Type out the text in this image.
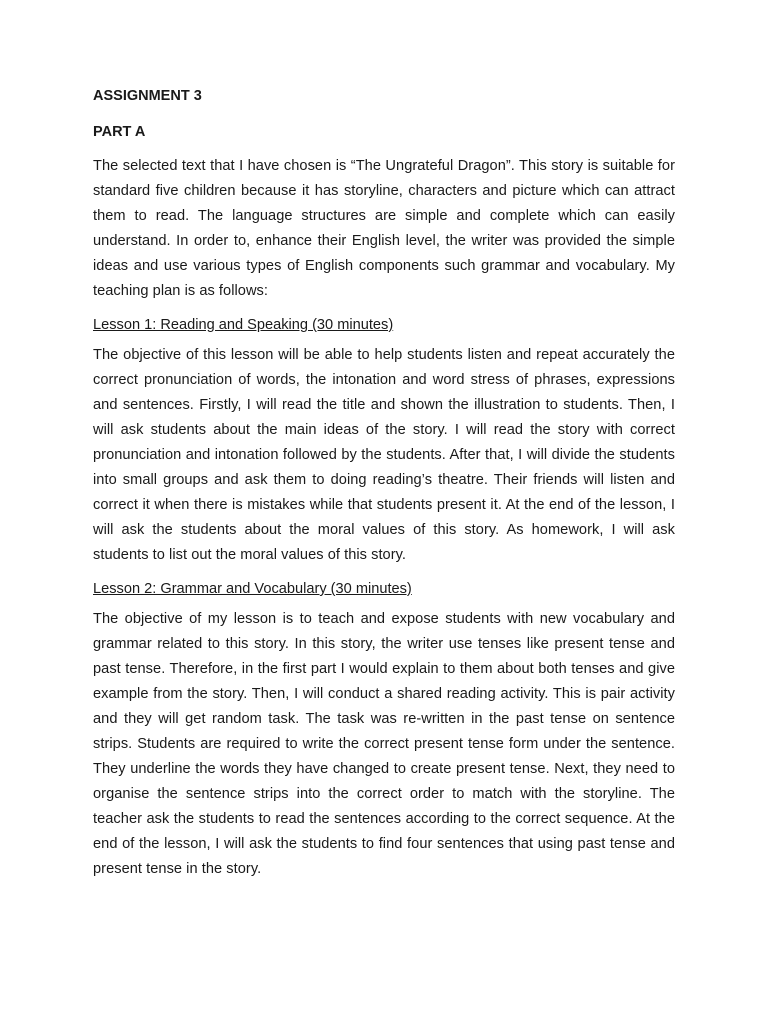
ASSIGNMENT 3

PART A

The selected text that I have chosen is “The Ungrateful Dragon”. This story is suitable for standard five children because it has storyline, characters and picture which can attract them to read. The language structures are simple and complete which can easily understand. In order to, enhance their English level, the writer was provided the simple ideas and use various types of English components such grammar and vocabulary. My teaching plan is as follows:

Lesson 1: Reading and Speaking (30 minutes)

The objective of this lesson will be able to help students listen and repeat accurately the correct pronunciation of words, the intonation and word stress of phrases, expressions and sentences. Firstly, I will read the title and shown the illustration to students. Then, I will ask students about the main ideas of the story. I will read the story with correct pronunciation and intonation followed by the students. After that, I will divide the students into small groups and ask them to doing reading’s theatre. Their friends will listen and correct it when there is mistakes while that students present it. At the end of the lesson, I will ask the students about the moral values of this story. As homework, I will ask students to list out the moral values of this story.

Lesson 2: Grammar and Vocabulary (30 minutes)

The objective of my lesson is to teach and expose students with new vocabulary and grammar related to this story. In this story, the writer use tenses like present tense and past tense. Therefore, in the first part I would explain to them about both tenses and give example from the story. Then, I will conduct a shared reading activity. This is pair activity and they will get random task. The task was re-written in the past tense on sentence strips. Students are required to write the correct present tense form under the sentence. They underline the words they have changed to create present tense. Next, they need to organise the sentence strips into the correct order to match with the storyline. The teacher ask the students to read the sentences according to the correct sequence. At the end of the lesson, I will ask the students to find four sentences that using past tense and present tense in the story.
